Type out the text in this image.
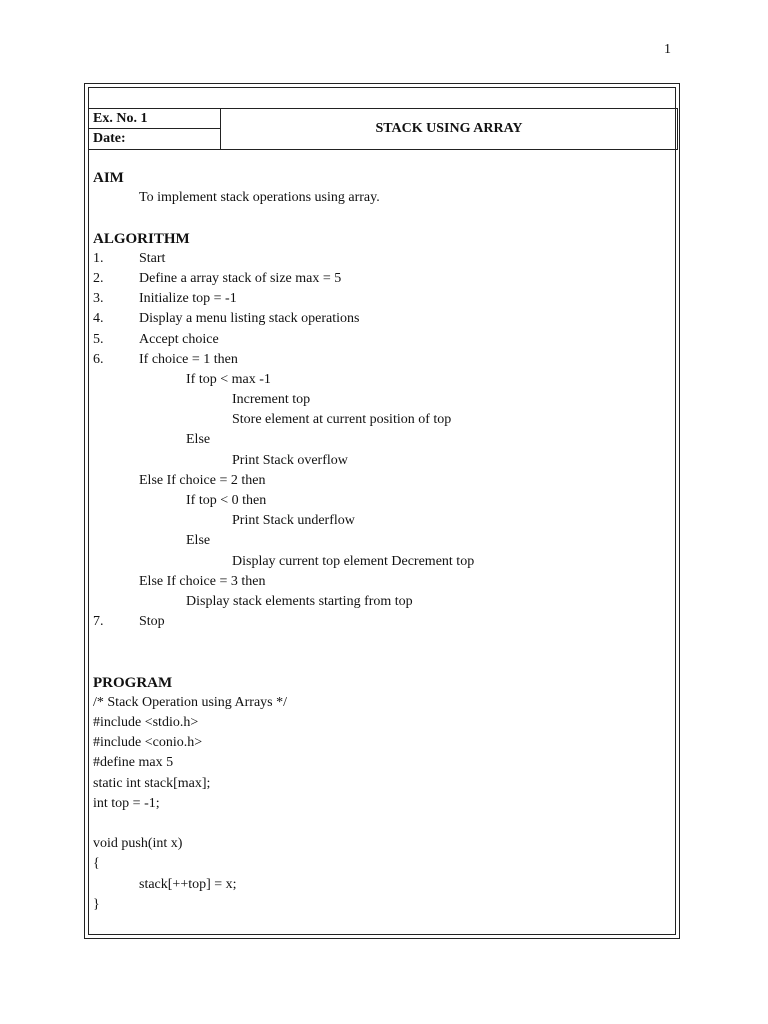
1
Ex. No. 1
Date:
STACK USING ARRAY
AIM
To implement stack operations using array.
ALGORITHM
1.	Start
2.	Define a array stack of size max = 5
3.	Initialize top = -1
4.	Display a menu listing stack operations
5.	Accept choice
6.	If choice = 1 then
If top < max -1
Increment top
Store element at current position of top
Else
Print Stack overflow
Else If choice = 2 then
If top < 0 then
Print Stack underflow
Else
Display current top element Decrement top
Else If choice = 3 then
Display stack elements starting from top
7.	Stop
PROGRAM
/* Stack Operation using Arrays */
#include <stdio.h>
#include <conio.h>
#define max 5
static int stack[max];
int top = -1;
void push(int x)
{
stack[++top] = x;
}
